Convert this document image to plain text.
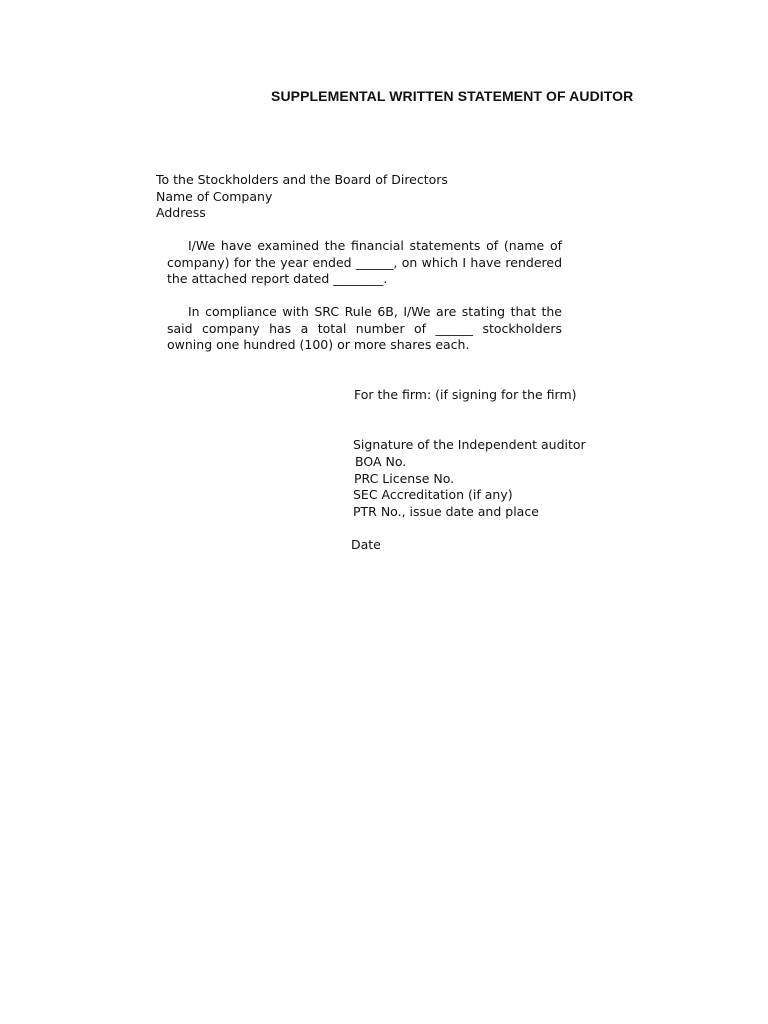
SUPPLEMENTAL WRITTEN STATEMENT OF AUDITOR
To the Stockholders and the Board of Directors
Name of Company
Address
I/We have examined the financial statements of (name of company) for the year ended ______, on which I have rendered the attached report dated ________.
In compliance with SRC Rule 6B, I/We are stating that the said company has a total number of ______ stockholders owning one hundred (100) or more shares each.
For the firm: (if signing for the firm)
Signature of the Independent auditor
BOA No.
PRC License No.
SEC Accreditation (if any)
PTR No., issue date and place
Date
